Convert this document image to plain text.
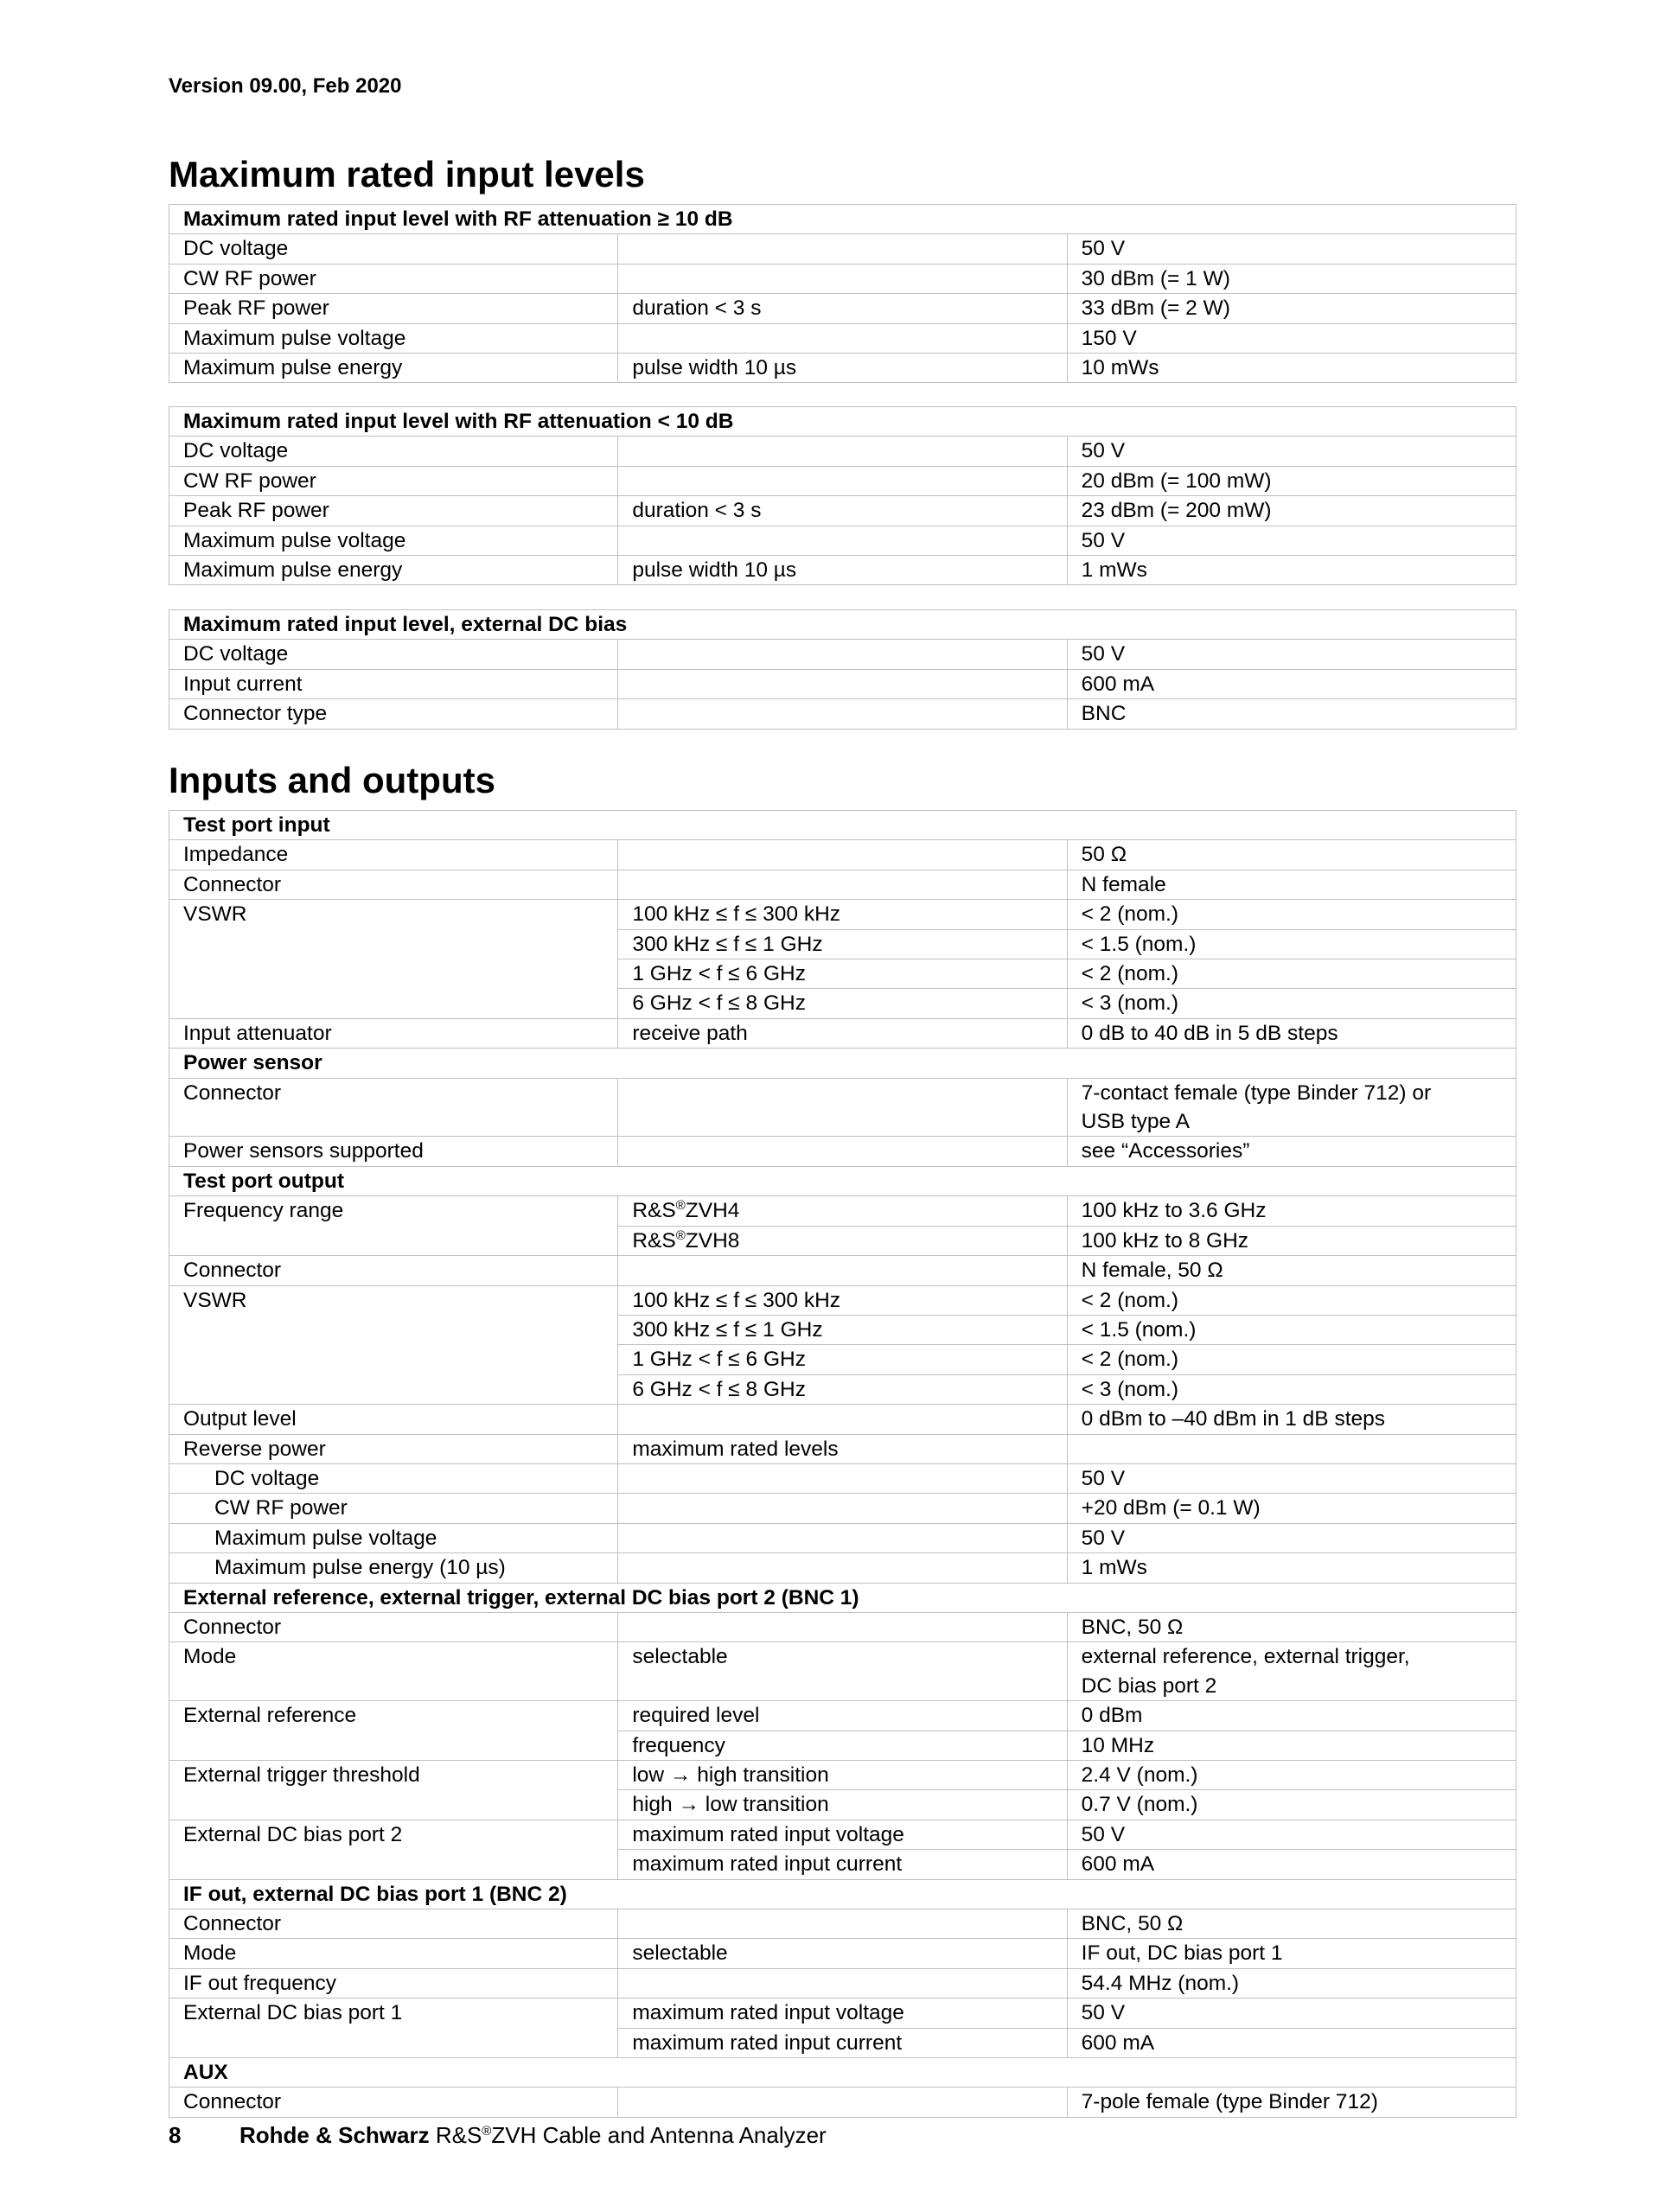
Version 09.00, Feb 2020
Maximum rated input levels
Maximum rated input level with RF attenuation ≥ 10 dB		
DC voltage		50 V
CW RF power		30 dBm (= 1 W)
Peak RF power	duration < 3 s	33 dBm (= 2 W)
Maximum pulse voltage		150 V
Maximum pulse energy	pulse width 10 µs	10 mWs
Maximum rated input level with RF attenuation < 10 dB		
DC voltage		50 V
CW RF power		20 dBm (= 100 mW)
Peak RF power	duration < 3 s	23 dBm (= 200 mW)
Maximum pulse voltage		50 V
Maximum pulse energy	pulse width 10 µs	1 mWs
Maximum rated input level, external DC bias		
DC voltage		50 V
Input current		600 mA
Connector type		BNC
Inputs and outputs
Test port input		
Impedance		50 Ω
Connector		N female
VSWR	100 kHz ≤ f ≤ 300 kHz	< 2 (nom.)
	300 kHz ≤ f ≤ 1 GHz	< 1.5 (nom.)
	1 GHz < f ≤ 6 GHz	< 2 (nom.)
	6 GHz < f ≤ 8 GHz	< 3 (nom.)
Input attenuator	receive path	0 dB to 40 dB in 5 dB steps
Power sensor		
Connector		7-contact female (type Binder 712) or
		USB type A
Power sensors supported		see “Accessories”
Test port output		
Frequency range	R&S®ZVH4	100 kHz to 3.6 GHz
	R&S®ZVH8	100 kHz to 8 GHz
Connector		N female, 50 Ω
VSWR	100 kHz ≤ f ≤ 300 kHz	< 2 (nom.)
	300 kHz ≤ f ≤ 1 GHz	< 1.5 (nom.)
	1 GHz < f ≤ 6 GHz	< 2 (nom.)
	6 GHz < f ≤ 8 GHz	< 3 (nom.)
Output level		0 dBm to –40 dBm in 1 dB steps
Reverse power	maximum rated levels	
DC voltage		50 V
CW RF power		+20 dBm (= 0.1 W)
Maximum pulse voltage		50 V
Maximum pulse energy (10 µs)		1 mWs
External reference, external trigger, external DC bias port 2 (BNC 1)		
Connector		BNC, 50 Ω
Mode	selectable	external reference, external trigger,
		DC bias port 2
External reference	required level	0 dBm
	frequency	10 MHz
External trigger threshold	low → high transition	2.4 V (nom.)
	high → low transition	0.7 V (nom.)
External DC bias port 2	maximum rated input voltage	50 V
	maximum rated input current	600 mA
IF out, external DC bias port 1 (BNC 2)		
Connector		BNC, 50 Ω
Mode	selectable	IF out, DC bias port 1
IF out frequency		54.4 MHz (nom.)
External DC bias port 1	maximum rated input voltage	50 V
	maximum rated input current	600 mA
AUX		
Connector		7-pole female (type Binder 712)
8	Rohde & Schwarz R&S®ZVH Cable and Antenna Analyzer
